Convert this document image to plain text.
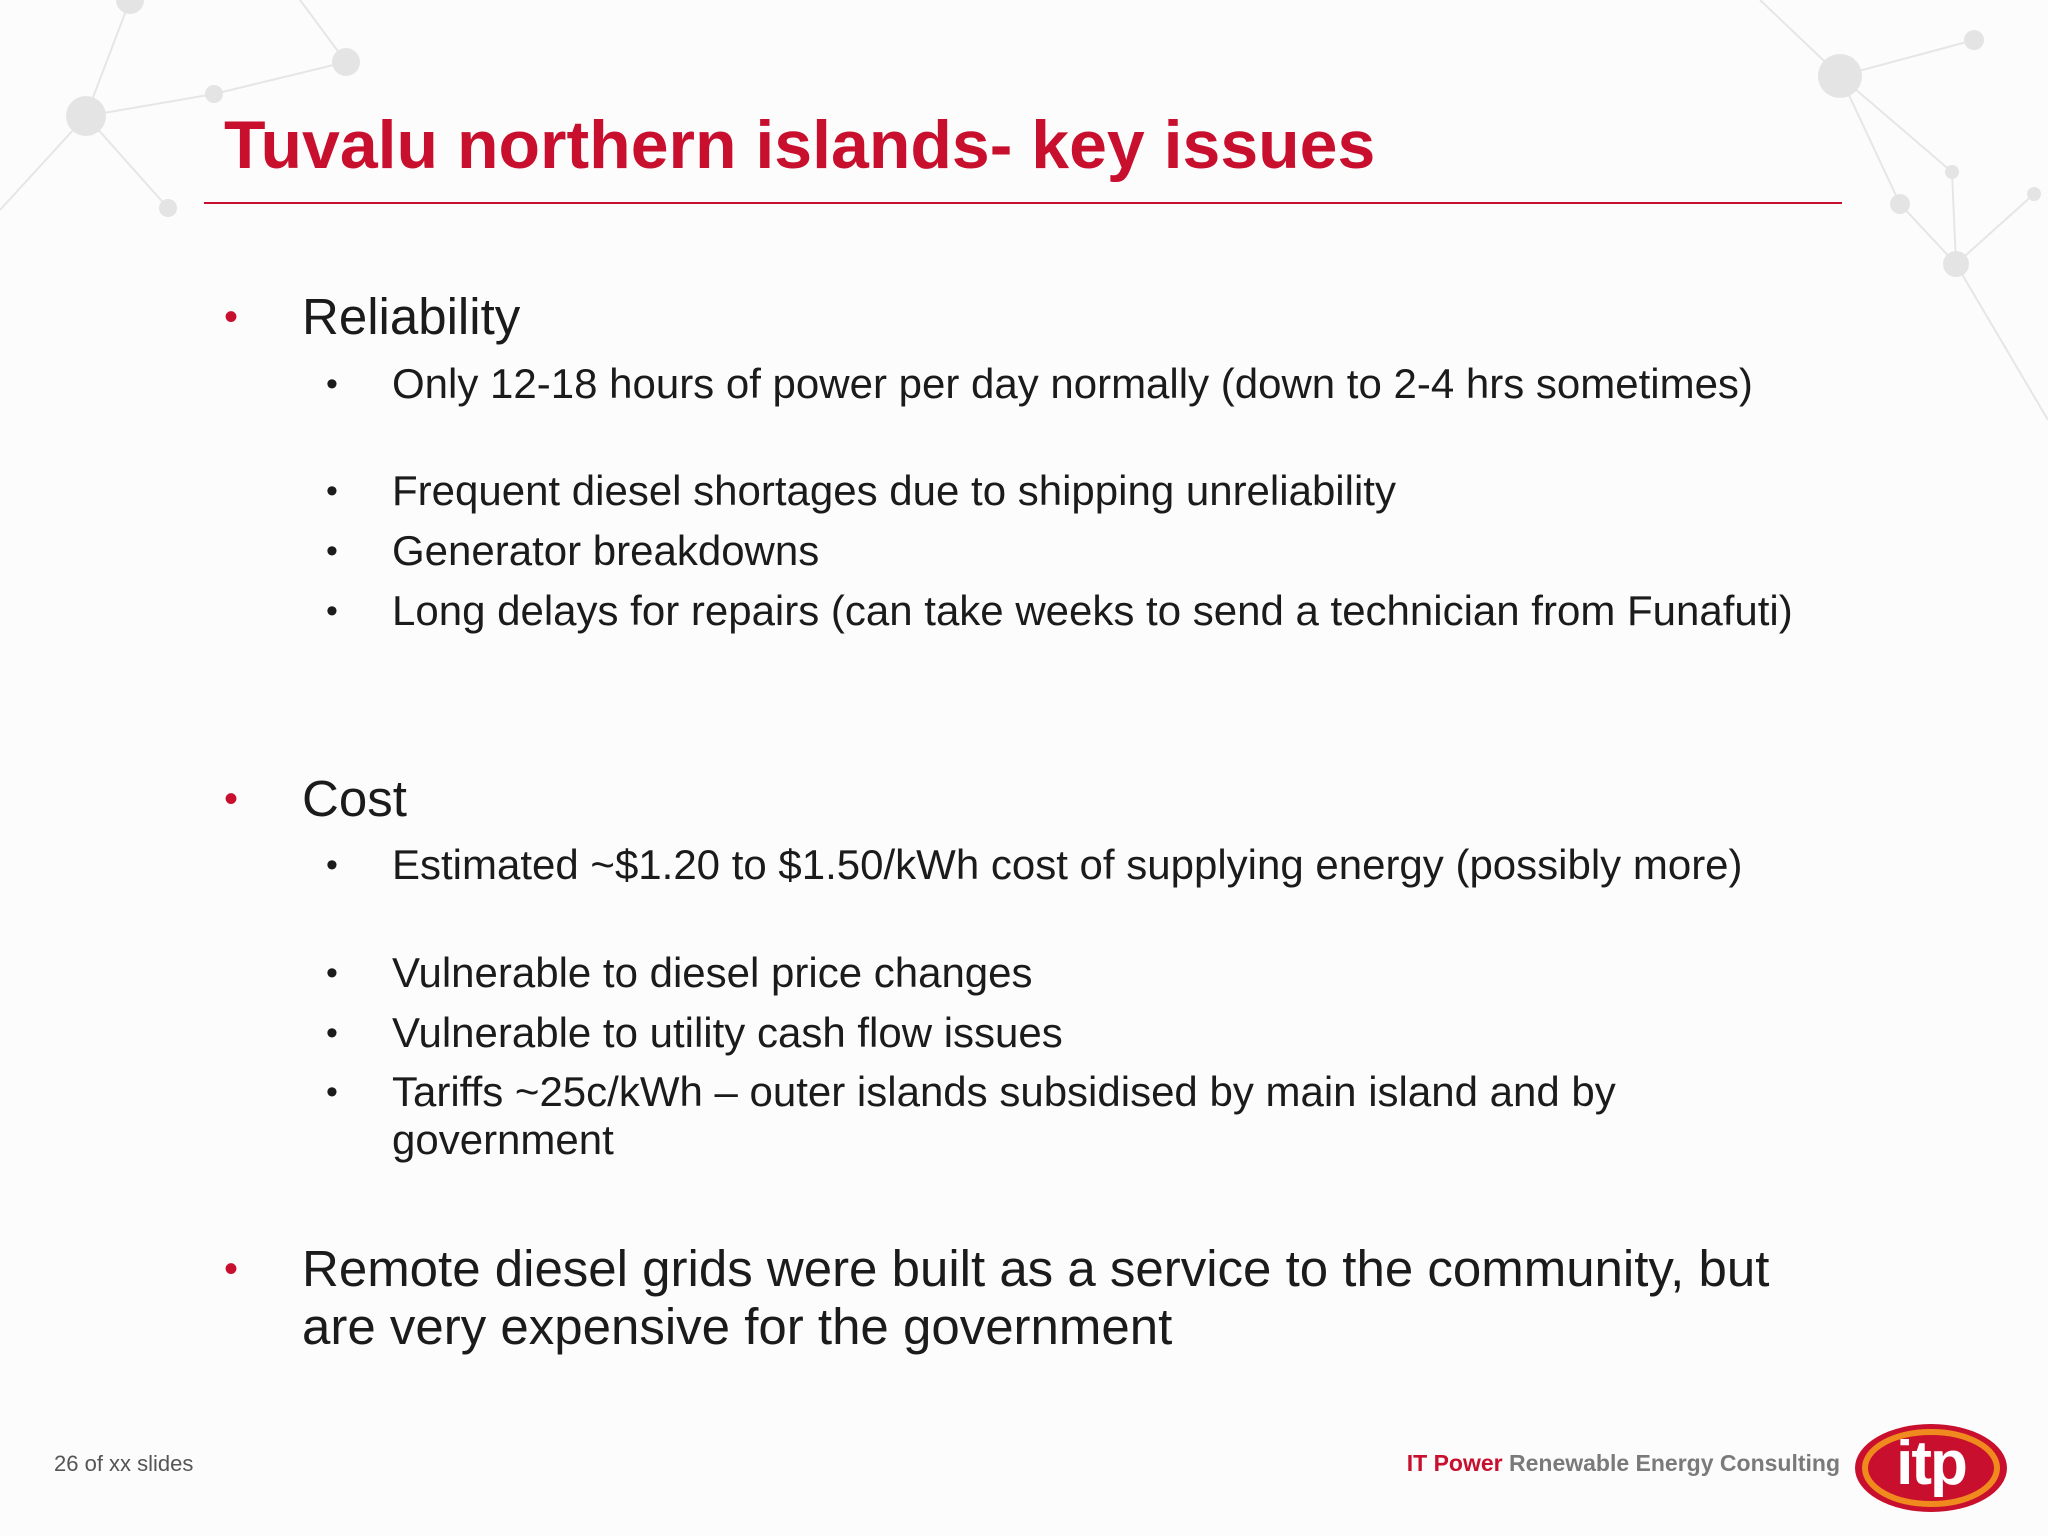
Tuvalu northern islands- key issues
• Reliability
• Only 12-18 hours of power per day normally (down to 2-4 hrs sometimes)
• Frequent diesel shortages due to shipping unreliability
• Generator breakdowns
• Long delays for repairs (can take weeks to send a technician from Funafuti)
• Cost
• Estimated ~$1.20 to $1.50/kWh cost of supplying energy (possibly more)
• Vulnerable to diesel price changes
• Vulnerable to utility cash flow issues
• Tariffs ~25c/kWh – outer islands subsidised by main island and by government
• Remote diesel grids were built as a service to the community, but are very expensive for the government
26 of xx slides	IT Power Renewable Energy Consulting itp
